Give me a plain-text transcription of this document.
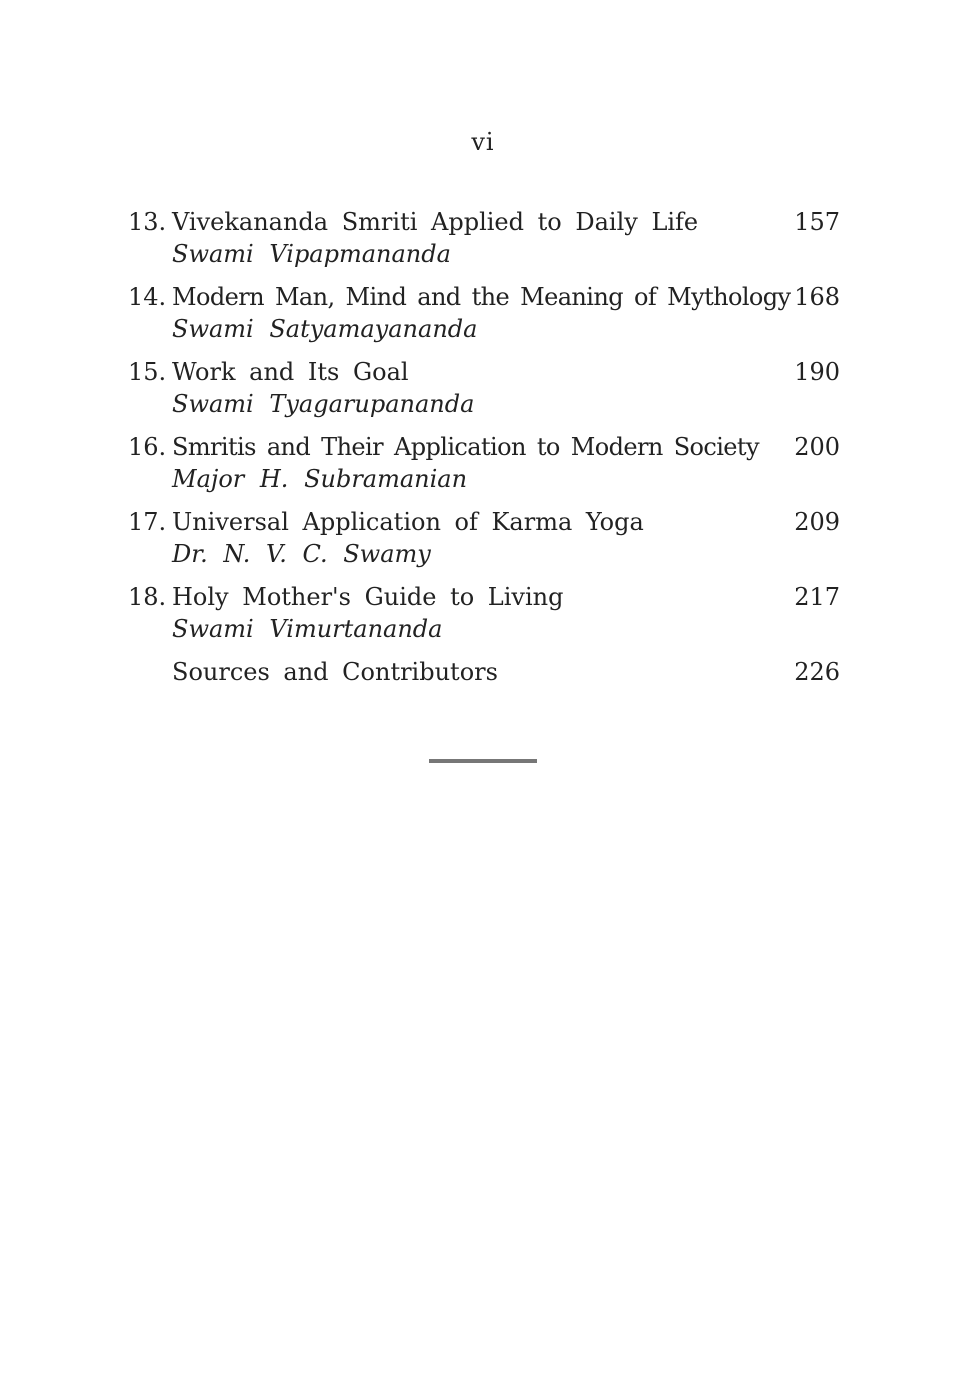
vi
13. Vivekananda Smriti Applied to Daily Life	157
Swami Vipapmananda
14. Modern Man, Mind and the Meaning of Mythology 168
Swami Satyamayananda
15. Work and Its Goal	190
Swami Tyagarupananda
16. Smritis and Their Application to Modern Society 200
Major H. Subramanian
17. Universal Application of Karma Yoga	209
Dr. N. V. C. Swamy
18. Holy Mother's Guide to Living	217
Swami Vimurtananda
Sources and Contributors	226
